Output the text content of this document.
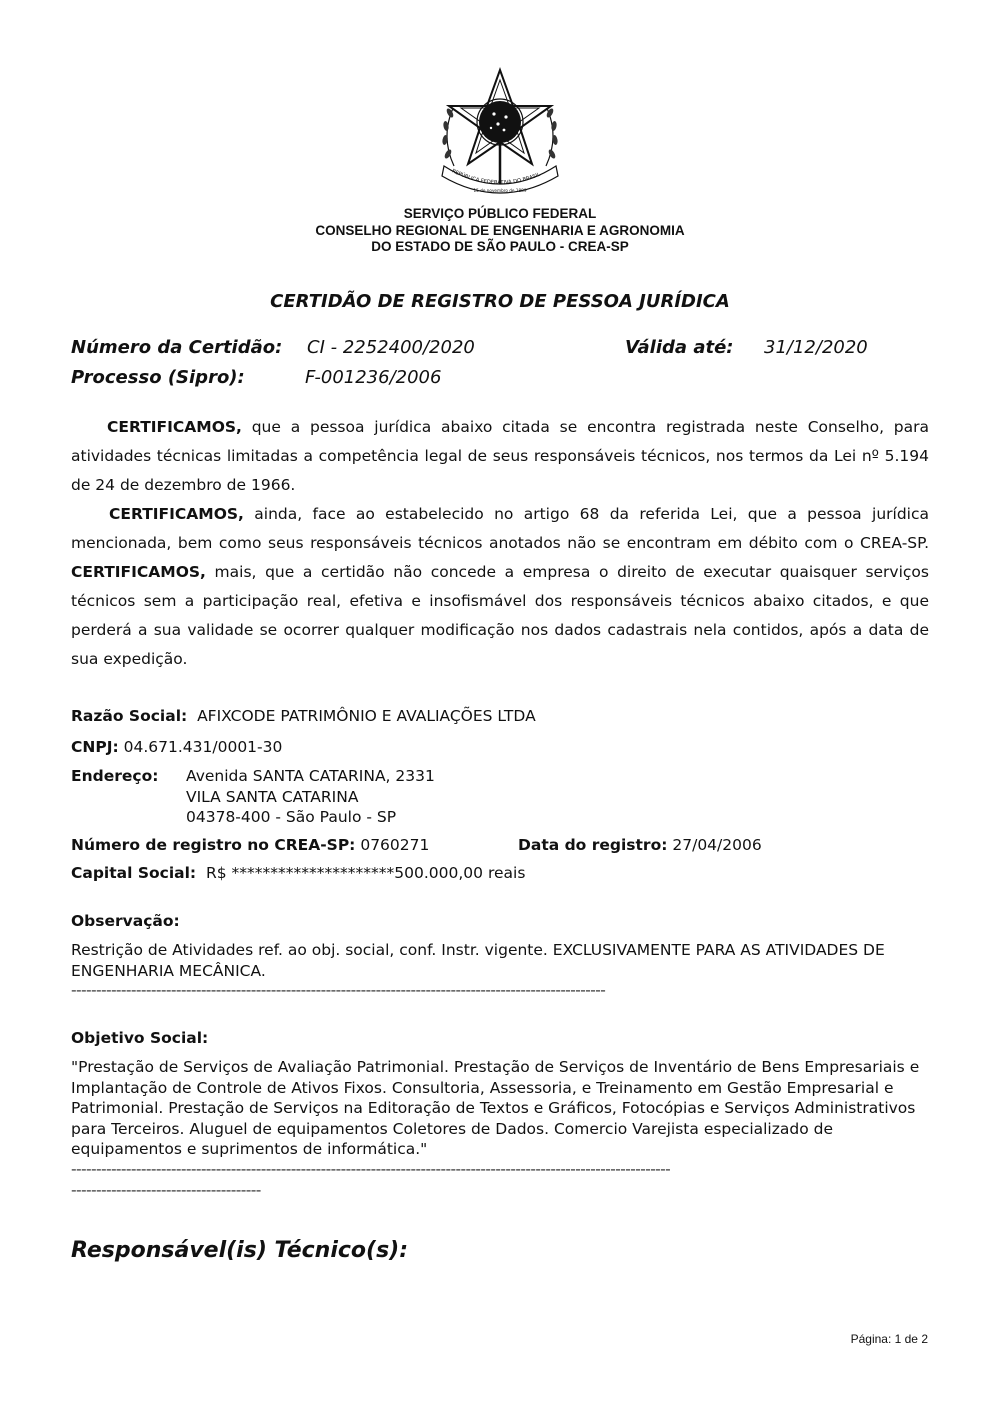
REPÚBLICA FEDERATIVA DO BRASIL
15 de novembro de 1889
SERVIÇO PÚBLICO FEDERAL
CONSELHO REGIONAL DE ENGENHARIA E AGRONOMIA
DO ESTADO DE SÃO PAULO - CREA-SP
CERTIDÃO DE REGISTRO DE PESSOA JURÍDICA
Número da Certidão: CI - 2252400/2020	Válida até: 31/12/2020
Processo (Sipro):	F-001236/2006

CERTIFICAMOS, que a pessoa jurídica abaixo citada se encontra registrada neste Conselho, para atividades técnicas limitadas a competência legal de seus responsáveis técnicos, nos termos da Lei nº 5.194 de 24 de dezembro de 1966.

CERTIFICAMOS, ainda, face ao estabelecido no artigo 68 da referida Lei, que a pessoa jurídica mencionada, bem como seus responsáveis técnicos anotados não se encontram em débito com o CREA-SP. CERTIFICAMOS, mais, que a certidão não concede a empresa o direito de executar quaisquer serviços técnicos sem a participação real, efetiva e insofismável dos responsáveis técnicos abaixo citados, e que perderá a sua validade se ocorrer qualquer modificação nos dados cadastrais nela contidos, após a data de sua expedição.

Razão Social: AFIXCODE PATRIMÔNIO E AVALIAÇÕES LTDA
CNPJ: 04.671.431/0001-30
Endereço: Avenida SANTA CATARINA, 2331
VILA SANTA CATARINA
04378-400 - São Paulo - SP
Número de registro no CREA-SP: 0760271	Data do registro: 27/04/2006
Capital Social: R$ *********************500.000,00 reais
Observação:
Restrição de Atividades ref. ao obj. social, conf. Instr. vigente. EXCLUSIVAMENTE PARA AS ATIVIDADES DE ENGENHARIA MECÂNICA.
-----------------------------------------------------------------------------------------------------------
Objetivo Social:
"Prestação de Serviços de Avaliação Patrimonial. Prestação de Serviços de Inventário de Bens Empresariais e Implantação de Controle de Ativos Fixos. Consultoria, Assessoria, e Treinamento em Gestão Empresarial e Patrimonial. Prestação de Serviços na Editoração de Textos e Gráficos, Fotocópias e Serviços Administrativos para Terceiros. Aluguel de equipamentos Coletores de Dados. Comercio Varejista especializado de equipamentos e suprimentos de informática."
------------------------------------------------------------------------------------------------------------------------
--------------------------------------
Responsável(is) Técnico(s):
Página: 1 de 2
